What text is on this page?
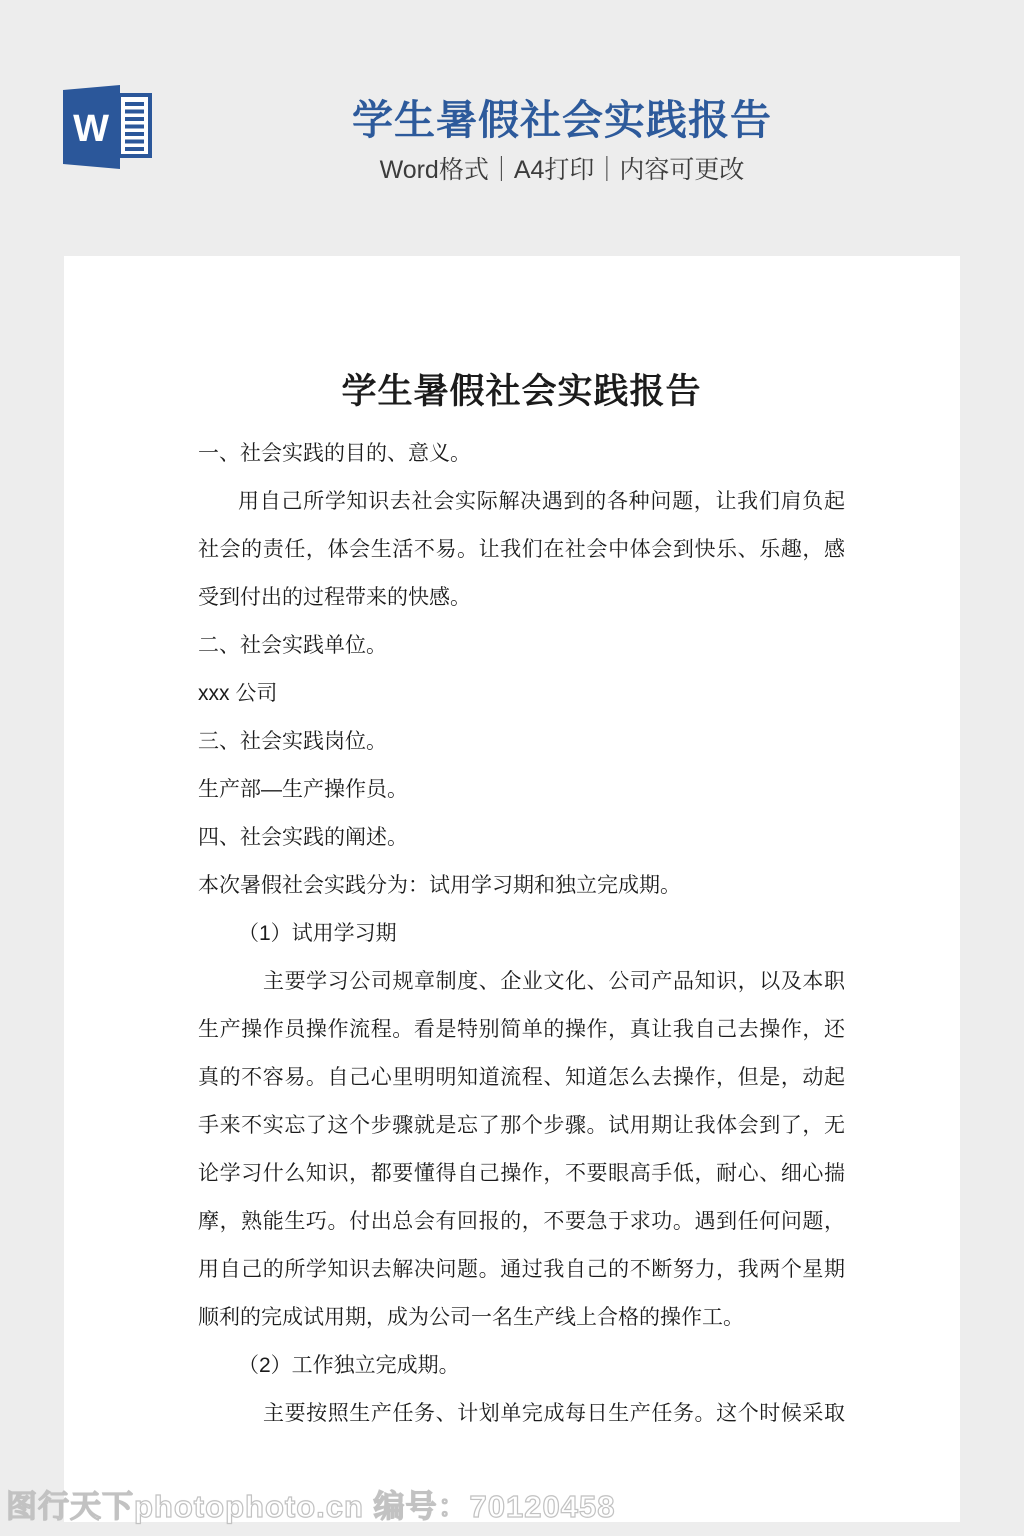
W	学生暑假社会实践报告
Word格式｜A4打印｜内容可更改
学生暑假社会实践报告
一、社会实践的目的、意义。
用自己所学知识去社会实际解决遇到的各种问题，让我们肩负起
社会的责任，体会生活不易。让我们在社会中体会到快乐、乐趣，感
受到付出的过程带来的快感。
二、社会实践单位。
xxx 公司
三、社会实践岗位。
生产部—生产操作员。
四、社会实践的阐述。
本次暑假社会实践分为：试用学习期和独立完成期。
（1）试用学习期
主要学习公司规章制度、企业文化、公司产品知识，以及本职
生产操作员操作流程。看是特别简单的操作，真让我自己去操作，还
真的不容易。自己心里明明知道流程、知道怎么去操作，但是，动起
手来不实忘了这个步骤就是忘了那个步骤。试用期让我体会到了，无
论学习什么知识，都要懂得自己操作，不要眼高手低，耐心、细心揣
摩，熟能生巧。付出总会有回报的，不要急于求功。遇到任何问题，
用自己的所学知识去解决问题。通过我自己的不断努力，我两个星期
顺利的完成试用期，成为公司一名生产线上合格的操作工。
（2）工作独立完成期。
主要按照生产任务、计划单完成每日生产任务。这个时候采取
图行天下photophoto.cn 编号：70120458
